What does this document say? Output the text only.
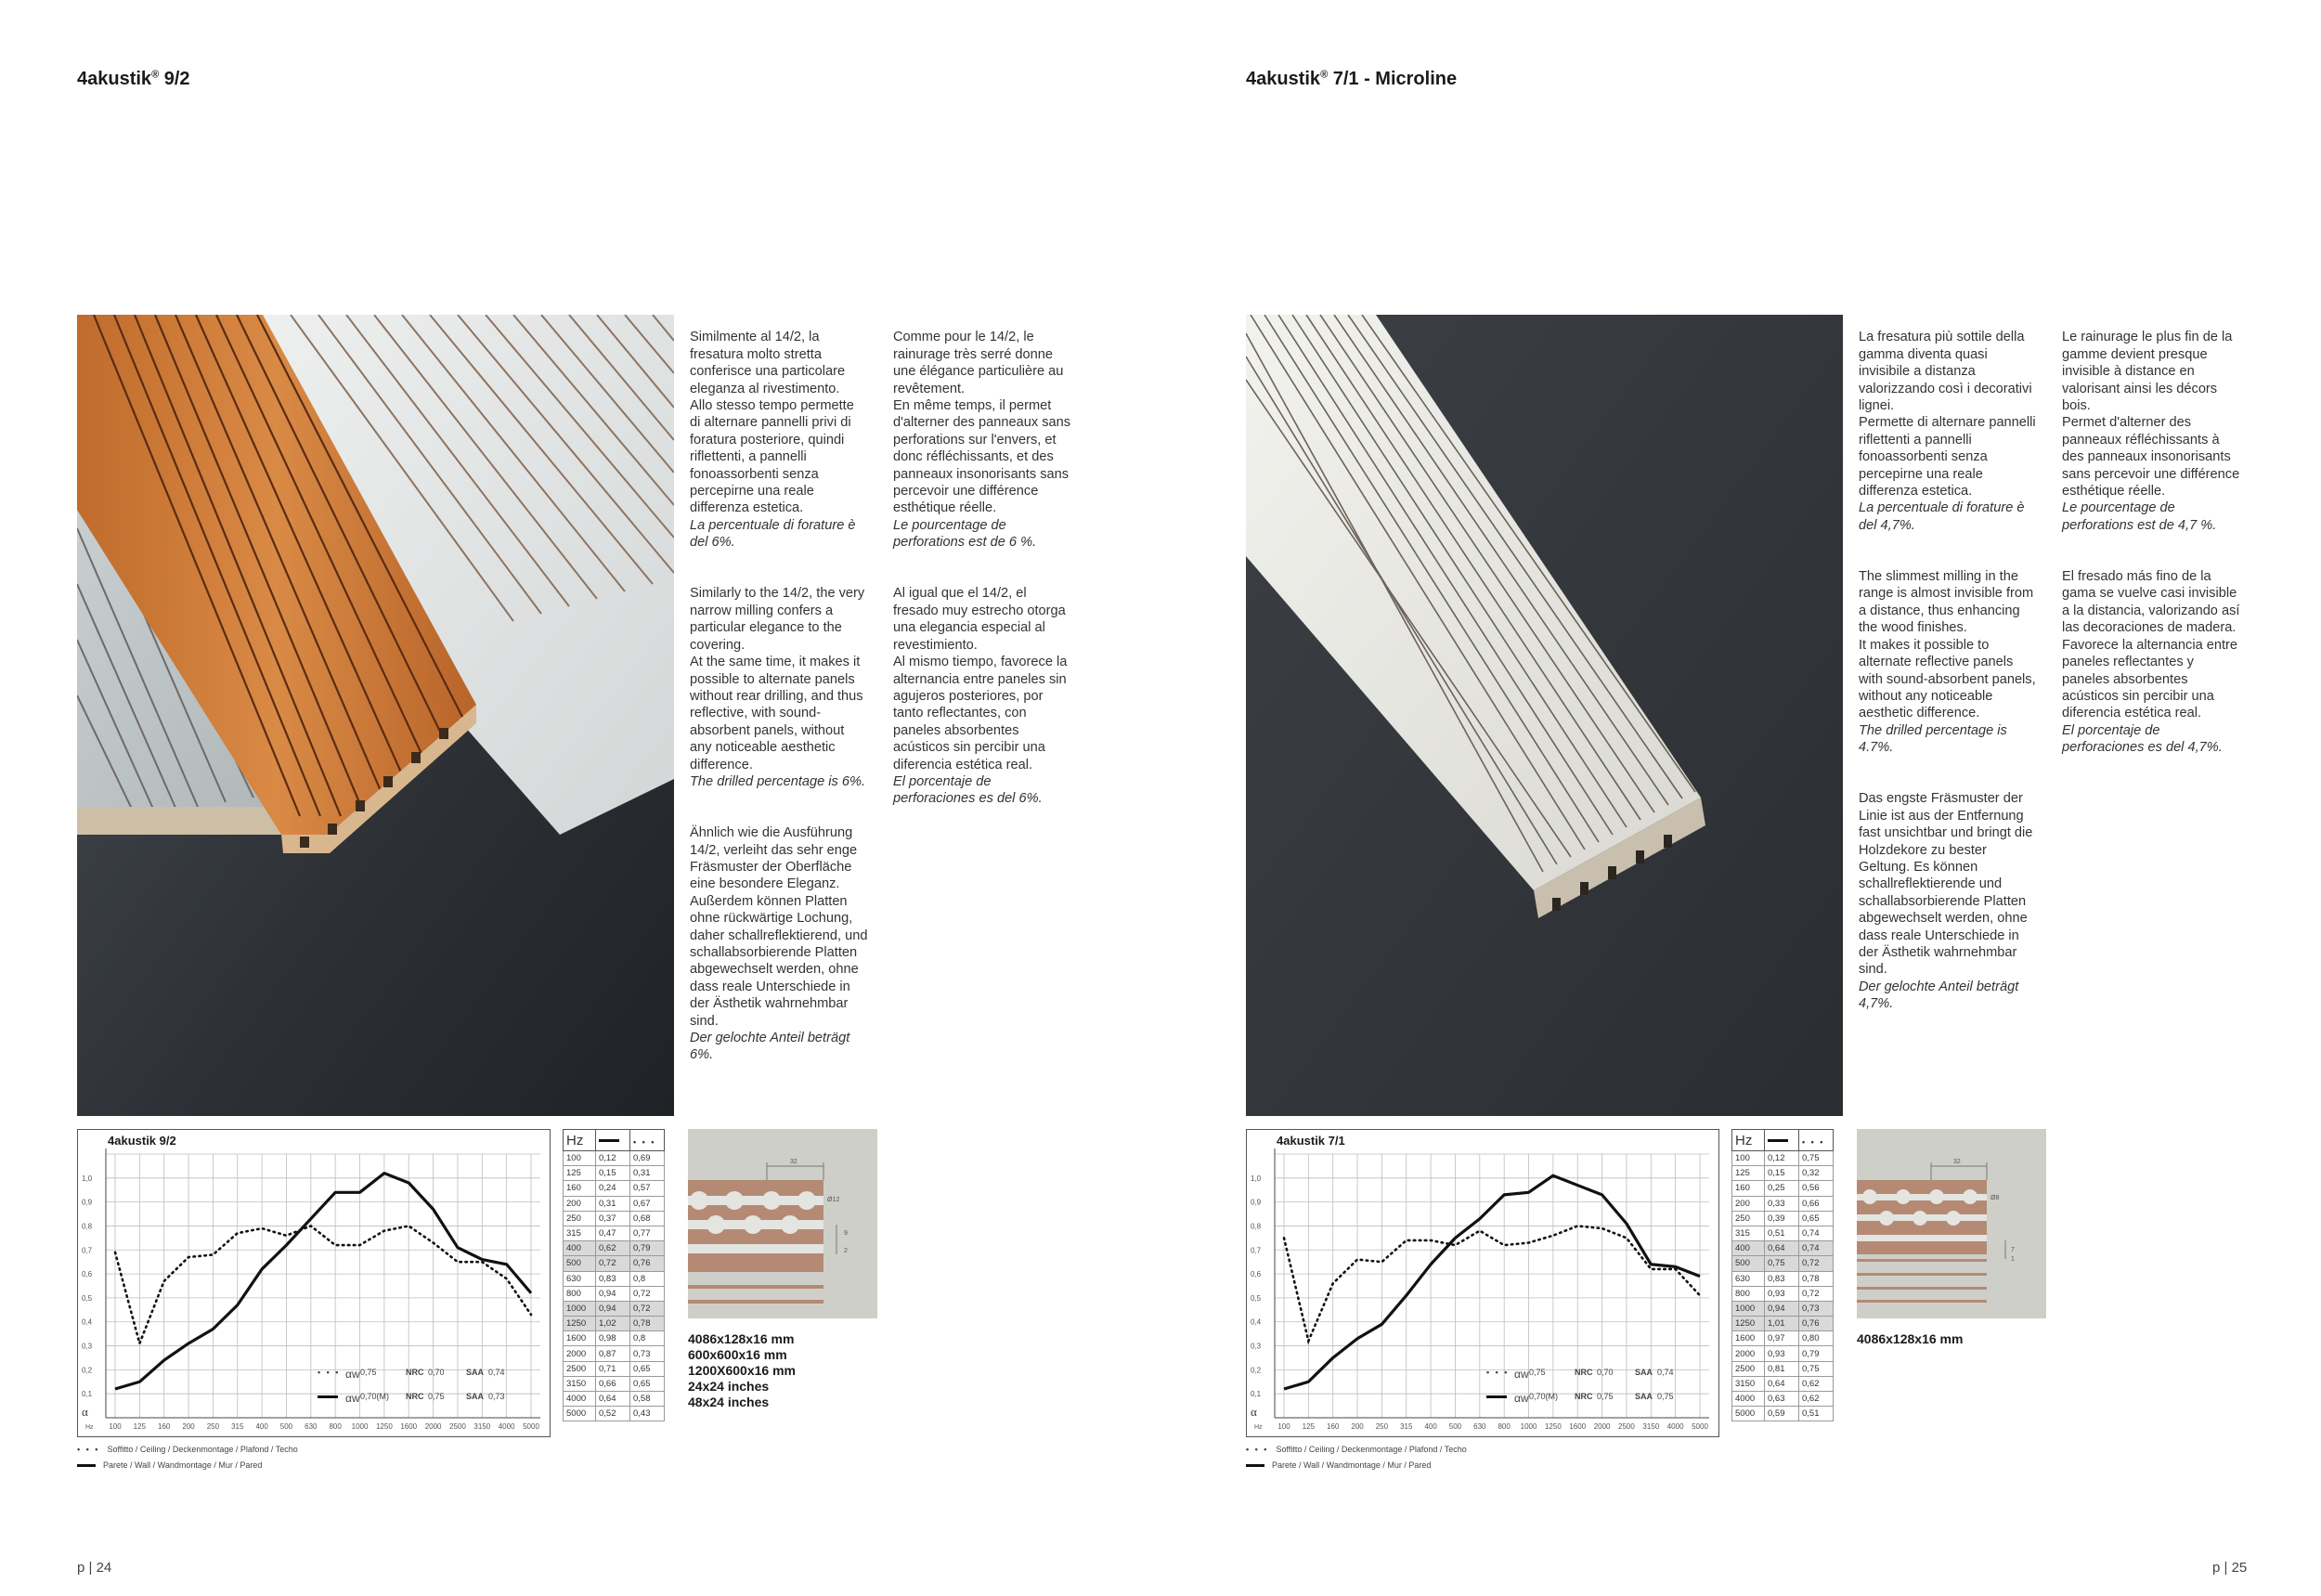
4akustik® 9/2

Similmente al 14/2, la
fresatura molto stretta
conferisce una particolare
eleganza al rivestimento.
Allo stesso tempo permette
di alternare pannelli privi di
foratura posteriore, quindi
riflettenti, a pannelli
fonoassorbenti senza
percepirne una reale
differenza estetica.
La percentuale di forature è
del 6%.

Similarly to the 14/2, the very
narrow milling confers a
particular elegance to the
covering.
At the same time, it makes it
possible to alternate panels
without rear drilling, and thus
reflective, with sound-
absorbent panels, without
any noticeable aesthetic
difference.
The drilled percentage is 6%.

Ähnlich wie die Ausführung
14/2, verleiht das sehr enge
Fräsmuster der Oberfläche
eine besondere Eleganz.
Außerdem können Platten
ohne rückwärtige Lochung,
daher schallreflektierend, und
schallabsorbierende Platten
abgewechselt werden, ohne
dass reale Unterschiede in
der Ästhetik wahrnehmbar
sind.
Der gelochte Anteil beträgt
6%.

Comme pour le 14/2, le
rainurage très serré donne
une élégance particulière au
revêtement.
En même temps, il permet
d'alterner des panneaux sans
perforations sur l'envers, et
donc réfléchissants, et des
panneaux insonorisants sans
percevoir une différence
esthétique réelle.
Le pourcentage de
perforations est de 6 %.

Al igual que el 14/2, el
fresado muy estrecho otorga
una elegancia especial al
revestimiento.
Al mismo tiempo, favorece la
alternancia entre paneles sin
agujeros posteriores, por
tanto reflectantes, con
paneles absorbentes
acústicos sin percibir una
diferencia estética real.
El porcentaje de
perforaciones es del 6%.

0,1
0,2
0,3
0,4
0,5
0,6
0,7
0,8
0,9
1,0
100 125 160 200 250 315 400 500 630 800 1000 1250 1600 2000 2500 3150 4000 5000
Hz
α
4akustik 9/2
• • • αw 0,75	NRC 0,70	SAA 0,74
αw 0,70(M) NRC 0,75	SAA 0,73
Hz		• • •
100	0,12	0,69
125	0,15	0,31
160	0,24	0,57
200	0,31	0,67
250	0,37	0,68
315	0,47	0,77
400	0,62	0,79
500	0,72	0,76
630	0,83	0,8
800	0,94	0,72
1000	0,94	0,72
1250	1,02	0,78
1600	0,98	0,8
2000	0,87	0,73
2500	0,71	0,65
3150	0,66	0,65
4000	0,64	0,58
5000	0,52	0,43
32
Ø12
9
2
4086x128x16 mm
600x600x16 mm
1200X600x16 mm
24x24 inches
48x24 inches
• • • Soffitto / Ceiling / Deckenmontage / Plafond / Techo
Parete / Wall / Wandmontage / Mur / Pared
p | 24
4akustik® 7/1 - Microline

La fresatura più sottile della
gamma diventa quasi
invisibile a distanza
valorizzando così i decorativi
lignei.
Permette di alternare pannelli
riflettenti a pannelli
fonoassorbenti senza
percepirne una reale
differenza estetica.
La percentuale di forature è
del 4,7%.

The slimmest milling in the
range is almost invisible from
a distance, thus enhancing
the wood finishes.
It makes it possible to
alternate reflective panels
with sound-absorbent panels,
without any noticeable
aesthetic difference.
The drilled percentage is
4.7%.

Das engste Fräsmuster der
Linie ist aus der Entfernung
fast unsichtbar und bringt die
Holzdekore zu bester
Geltung. Es können
schallreflektierende und
schallabsorbierende Platten
abgewechselt werden, ohne
dass reale Unterschiede in
der Ästhetik wahrnehmbar
sind.
Der gelochte Anteil beträgt
4,7%.

Le rainurage le plus fin de la
gamme devient presque
invisible à distance en
valorisant ainsi les décors
bois.
Permet d'alterner des
panneaux réfléchissants à
des panneaux insonorisants
sans percevoir une différence
esthétique réelle.
Le pourcentage de
perforations est de 4,7 %.

El fresado más fino de la
gama se vuelve casi invisible
a la distancia, valorizando así
las decoraciones de madera.
Favorece la alternancia entre
paneles reflectantes y
paneles absorbentes
acústicos sin percibir una
diferencia estética real.
El porcentaje de
perforaciones es del 4,7%.

0,1
0,2
0,3
0,4
0,5
0,6
0,7
0,8
0,9
1,0
100 125 160 200 250 315 400 500 630 800 1000 1250 1600 2000 2500 3150 4000 5000
Hz
α
4akustik 7/1
• • • αw 0,75	NRC 0,70	SAA 0,74
αw 0,70(M) NRC 0,75	SAA 0,75
Hz		• • •
100	0,12	0,75
125	0,15	0,32
160	0,25	0,56
200	0,33	0,66
250	0,39	0,65
315	0,51	0,74
400	0,64	0,74
500	0,75	0,72
630	0,83	0,78
800	0,93	0,72
1000	0,94	0,73
1250	1,01	0,76
1600	0,97	0,80
2000	0,93	0,79
2500	0,81	0,75
3150	0,64	0,62
4000	0,63	0,62
5000	0,59	0,51
32
Ø8
7
1
4086x128x16 mm
• • • Soffitto / Ceiling / Deckenmontage / Plafond / Techo
Parete / Wall / Wandmontage / Mur / Pared
p | 25
